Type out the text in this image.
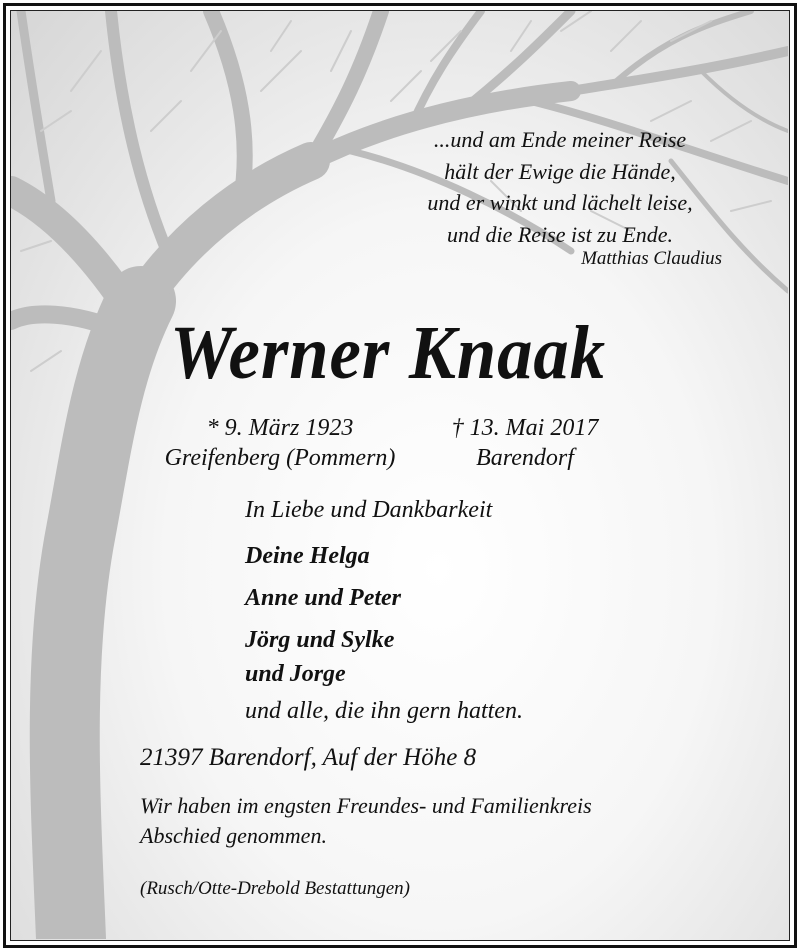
...und am Ende meiner Reise
hält der Ewige die Hände,
und er winkt und lächelt leise,
und die Reise ist zu Ende.
Matthias Claudius
Werner Knaak
* 9. März 1923
Greifenberg (Pommern)
† 13. Mai 2017
Barendorf
In Liebe und Dankbarkeit
Deine Helga
Anne und Peter
Jörg und Sylke
und Jorge
und alle, die ihn gern hatten.
21397 Barendorf, Auf der Höhe 8
Wir haben im engsten Freundes- und Familienkreis
Abschied genommen.
(Rusch/Otte-Drebold Bestattungen)
